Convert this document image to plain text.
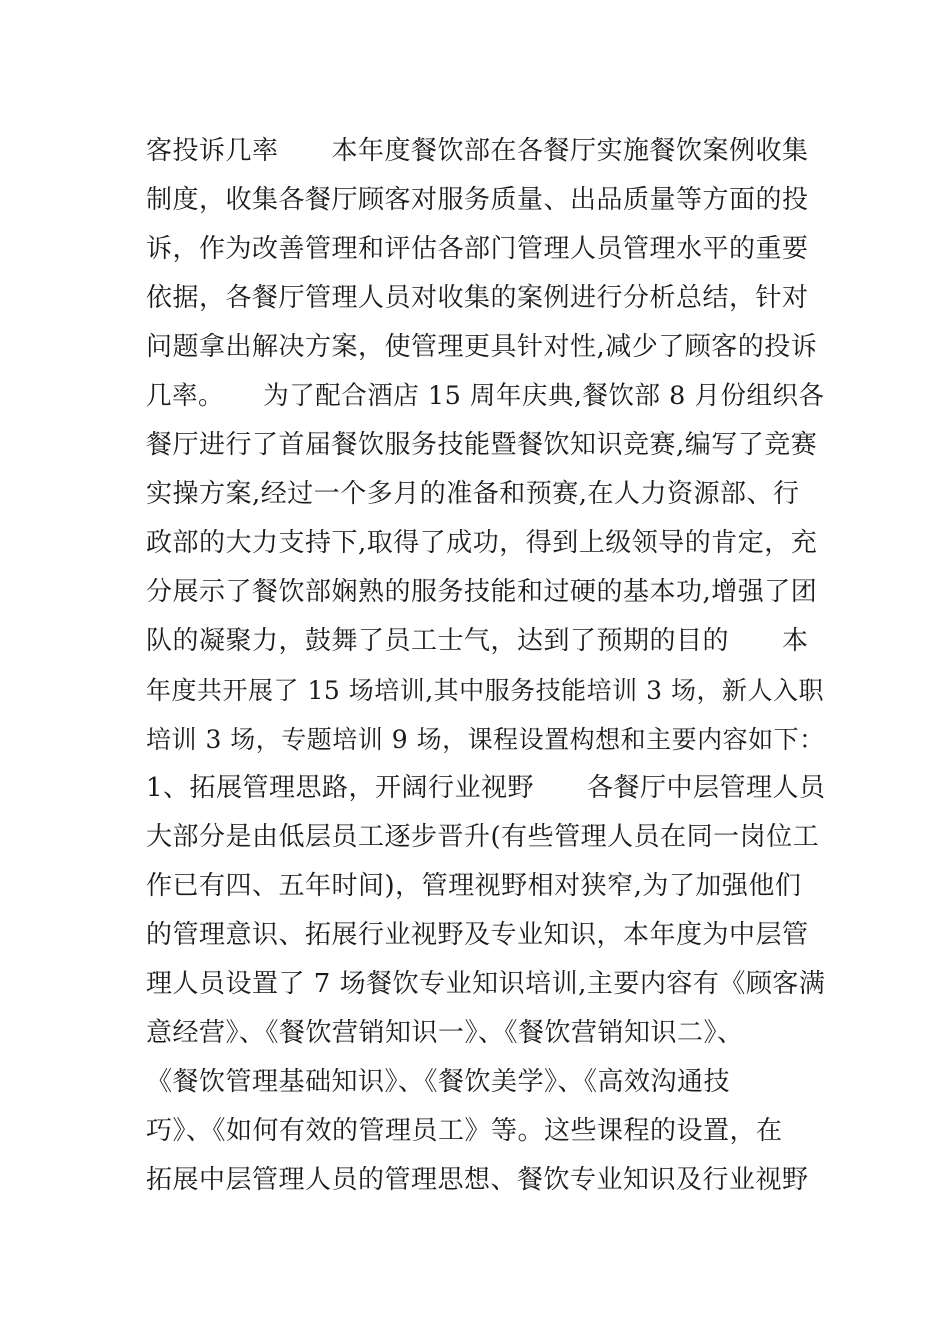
客投诉几率　　本年度餐饮部在各餐厅实施餐饮案例收集
制度，收集各餐厅顾客对服务质量、出品质量等方面的投
诉，作为改善管理和评估各部门管理人员管理水平的重要
依据，各餐厅管理人员对收集的案例进行分析总结，针对
问题拿出解决方案，使管理更具针对性,减少了顾客的投诉
几率。　　为了配合酒店 15 周年庆典,餐饮部 8 月份组织各
餐厅进行了首届餐饮服务技能暨餐饮知识竞赛,编写了竞赛
实操方案,经过一个多月的准备和预赛,在人力资源部、行
政部的大力支持下,取得了成功，得到上级领导的肯定，充
分展示了餐饮部娴熟的服务技能和过硬的基本功,增强了团
队的凝聚力，鼓舞了员工士气，达到了预期的目的　　本
年度共开展了 15 场培训,其中服务技能培训 3 场，新人入职
培训 3 场，专题培训 9 场，课程设置构想和主要内容如下：
1、拓展管理思路，开阔行业视野　　各餐厅中层管理人员
大部分是由低层员工逐步晋升(有些管理人员在同一岗位工
作已有四、五年时间)，管理视野相对狭窄,为了加强他们
的管理意识、拓展行业视野及专业知识，本年度为中层管
理人员设置了 7 场餐饮专业知识培训,主要内容有《顾客满
意经营》、《餐饮营销知识一》、《餐饮营销知识二》、
《餐饮管理基础知识》、《餐饮美学》、《高效沟通技
巧》、《如何有效的管理员工》等。这些课程的设置，在
拓展中层管理人员的管理思想、餐饮专业知识及行业视野
